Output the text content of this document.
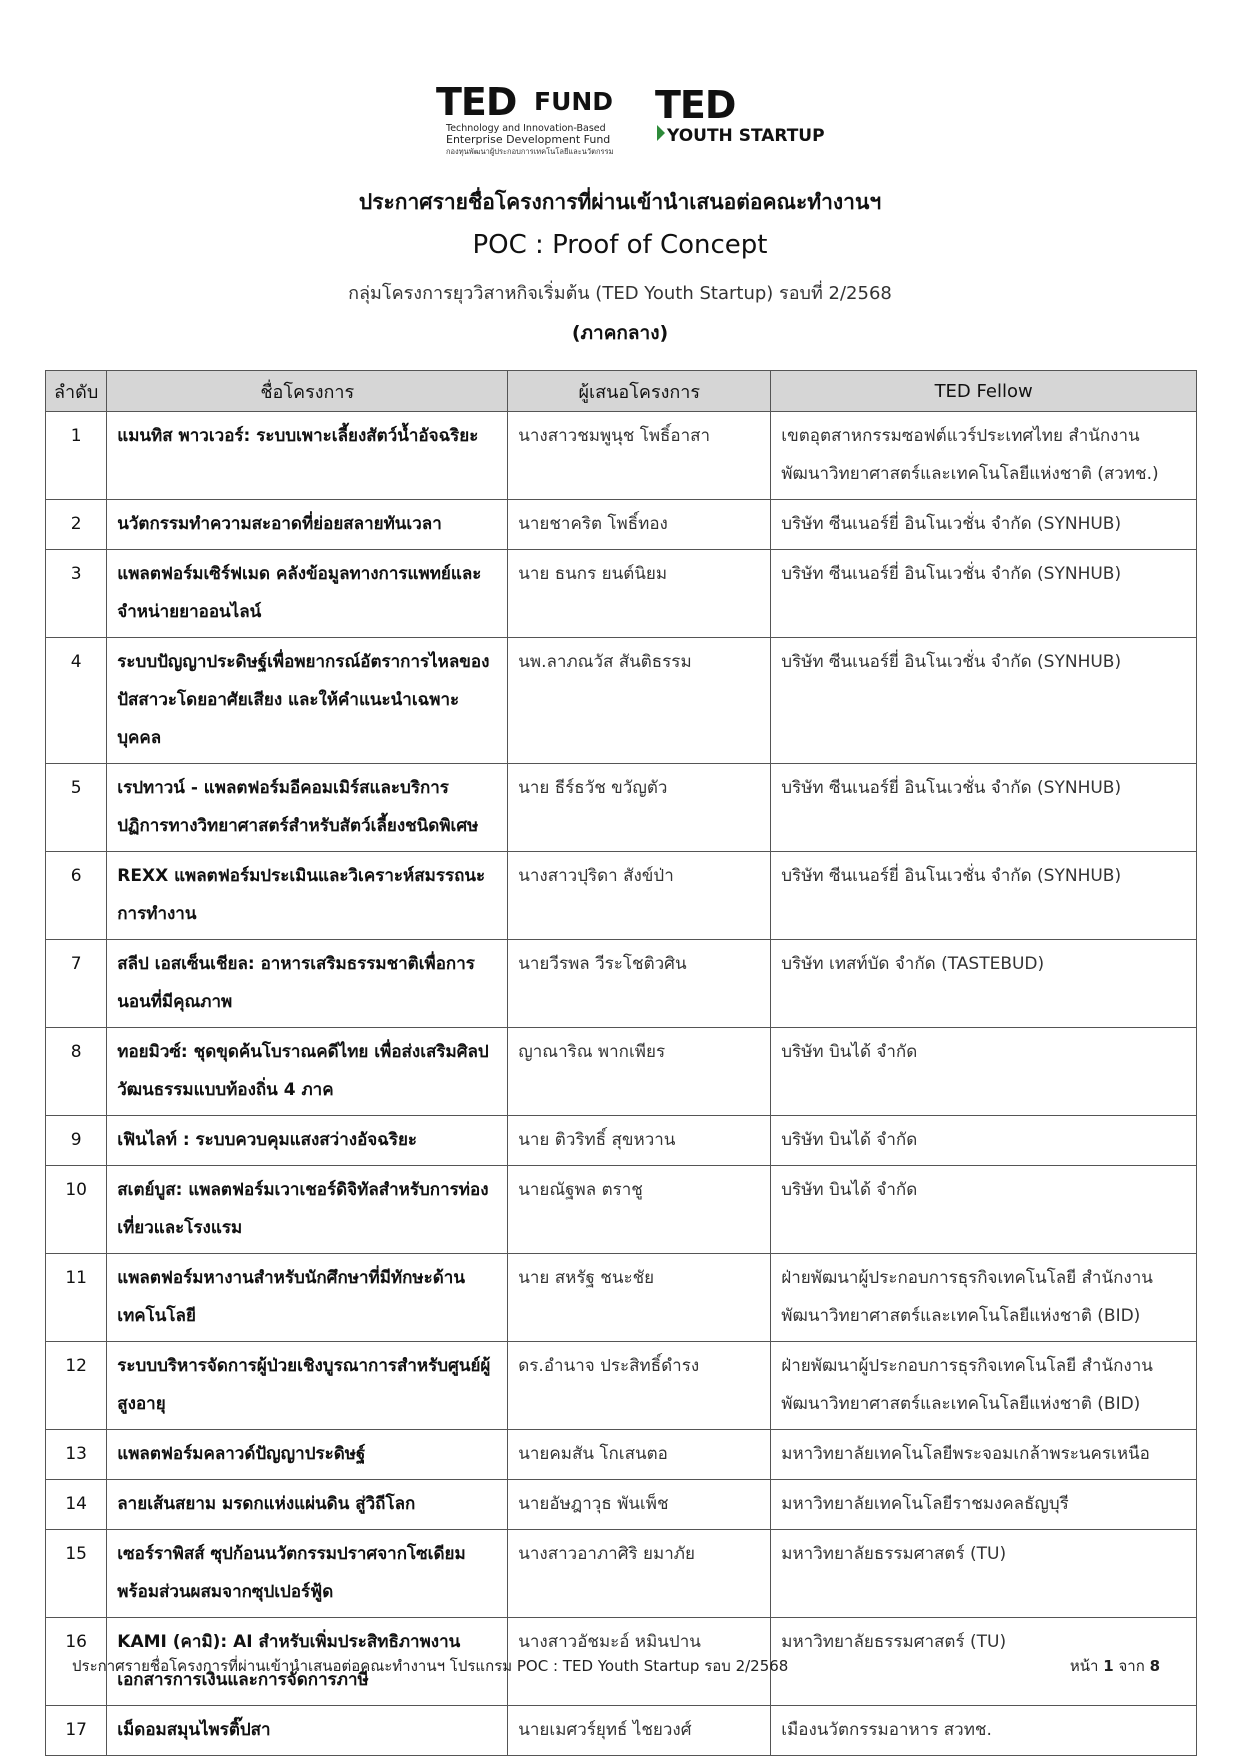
TED FUND
Technology and Innovation-Based
Enterprise Development Fund
กองทุนพัฒนาผู้ประกอบการเทคโนโลยีและนวัตกรรม
TED
YOUTH STARTUP
ประกาศรายชื่อโครงการที่ผ่านเข้านำเสนอต่อคณะทำงานฯ
POC : Proof of Concept
กลุ่มโครงการยุววิสาหกิจเริ่มต้น (TED Youth Startup) รอบที่ 2/2568
(ภาคกลาง)
ลำดับ	ชื่อโครงการ	ผู้เสนอโครงการ	TED Fellow
1	แมนทิส พาวเวอร์: ระบบเพาะเลี้ยงสัตว์น้ำอัจฉริยะ	นางสาวชมพูนุช โพธิ์อาสา	เขตอุตสาหกรรมซอฟต์แวร์ประเทศไทย สำนักงานพัฒนาวิทยาศาสตร์และเทคโนโลยีแห่งชาติ (สวทช.)
2	นวัตกรรมทำความสะอาดที่ย่อยสลายทันเวลา	นายชาคริต โพธิ์ทอง	บริษัท ซีนเนอร์ยี่ อินโนเวชั่น จำกัด (SYNHUB)
3	แพลตฟอร์มเซิร์ฟเมด คลังข้อมูลทางการแพทย์และจำหน่ายยาออนไลน์	นาย ธนกร ยนต์นิยม	บริษัท ซีนเนอร์ยี่ อินโนเวชั่น จำกัด (SYNHUB)
4	ระบบปัญญาประดิษฐ์เพื่อพยากรณ์อัตราการไหลของปัสสาวะโดยอาศัยเสียง และให้คำแนะนำเฉพาะบุคคล	นพ.ลาภณวัส สันติธรรม	บริษัท ซีนเนอร์ยี่ อินโนเวชั่น จำกัด (SYNHUB)
5	เรปทาวน์ - แพลตฟอร์มอีคอมเมิร์สและบริการปฏิการทางวิทยาศาสตร์สำหรับสัตว์เลี้ยงชนิดพิเศษ	นาย ธีร์ธวัช ขวัญตัว	บริษัท ซีนเนอร์ยี่ อินโนเวชั่น จำกัด (SYNHUB)
6	REXX แพลตฟอร์มประเมินและวิเคราะห์สมรรถนะการทำงาน	นางสาวปุริดา สังข์ป่า	บริษัท ซีนเนอร์ยี่ อินโนเวชั่น จำกัด (SYNHUB)
7	สลีป เอสเซ็นเชียล: อาหารเสริมธรรมชาติเพื่อการนอนที่มีคุณภาพ	นายวีรพล วีระโชติวศิน	บริษัท เทสท์บัด จำกัด (TASTEBUD)
8	ทอยมิวซ์: ชุดขุดค้นโบราณคดีไทย เพื่อส่งเสริมศิลปวัฒนธรรมแบบท้องถิ่น 4 ภาค	ญาณาริณ พากเพียร	บริษัท บินได้ จำกัด
9	เฟินไลท์ : ระบบควบคุมแสงสว่างอัจฉริยะ	นาย ติวริทธิ์ สุขหวาน	บริษัท บินได้ จำกัด
10	สเตย์บูส: แพลตฟอร์มเวาเชอร์ดิจิทัลสำหรับการท่องเที่ยวและโรงแรม	นายณัฐพล ตราชู	บริษัท บินได้ จำกัด
11	แพลตฟอร์มหางานสำหรับนักศึกษาที่มีทักษะด้านเทคโนโลยี	นาย สหรัฐ ชนะชัย	ฝ่ายพัฒนาผู้ประกอบการธุรกิจเทคโนโลยี สำนักงานพัฒนาวิทยาศาสตร์และเทคโนโลยีแห่งชาติ (BID)
12	ระบบบริหารจัดการผู้ป่วยเชิงบูรณาการสำหรับศูนย์ผู้สูงอายุ	ดร.อำนาจ ประสิทธิ์ดำรง	ฝ่ายพัฒนาผู้ประกอบการธุรกิจเทคโนโลยี สำนักงานพัฒนาวิทยาศาสตร์และเทคโนโลยีแห่งชาติ (BID)
13	แพลตฟอร์มคลาวด์ปัญญาประดิษฐ์	นายคมสัน โกเสนตอ	มหาวิทยาลัยเทคโนโลยีพระจอมเกล้าพระนครเหนือ
14	ลายเส้นสยาม มรดกแห่งแผ่นดิน สู่วิถีโลก	นายอัษฎาวุธ พันเพ็ช	มหาวิทยาลัยเทคโนโลยีราชมงคลธัญบุรี
15	เซอร์ราพิสส์ ซุปก้อนนวัตกรรมปราศจากโซเดียมพร้อมส่วนผสมจากซุปเปอร์ฟู้ด	นางสาวอาภาศิริ ยมาภัย	มหาวิทยาลัยธรรมศาสตร์ (TU)
16	KAMI (คามิ): AI สำหรับเพิ่มประสิทธิภาพงานเอกสารการเงินและการจัดการภาษี	นางสาวอัชมะอ์ หมินปาน	มหาวิทยาลัยธรรมศาสตร์ (TU)
17	เม็ดอมสมุนไพรติ๊ปสา	นายเมศวร์ยุทธ์ ไชยวงศ์	เมืองนวัตกรรมอาหาร สวทช.
ประกาศรายชื่อโครงการที่ผ่านเข้านำเสนอต่อคณะทำงานฯ โปรแกรม POC : TED Youth Startup รอบ 2/2568	หน้า 1 จาก 8
